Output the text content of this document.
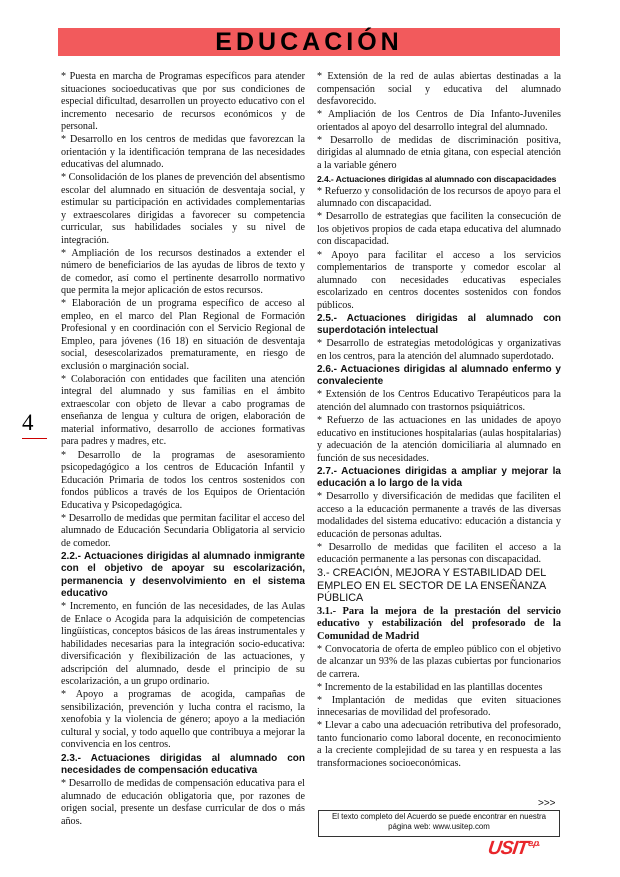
EDUCACIÓN
4

* Puesta en marcha de Programas específicos para atender situaciones socioeducativas que por sus condiciones de especial dificultad, desarrollen un proyecto educativo con el incremento necesario de recursos económicos y de personal.

* Desarrollo en los centros de medidas que favorezcan la orientación y la identificación temprana de las necesidades educativas del alumnado.

* Consolidación de los planes de prevención del absentismo escolar del alumnado en situación de desventaja social, y estimular su participación en actividades complementarias y extraescolares dirigidas a favorecer su competencia curricular, sus habilidades sociales y su nivel de integración.

* Ampliación de los recursos destinados a extender el número de beneficiarios de las ayudas de libros de texto y de comedor, así como el pertinente desarrollo normativo que permita la mejor aplicación de estos recursos.

* Elaboración de un programa específico de acceso al empleo, en el marco del Plan Regional de Formación Profesional y en coordinación con el Servicio Regional de Empleo, para jóvenes (16 18) en situación de desventaja social, desescolarizados prematuramente, en riesgo de exclusión o marginación social.

* Colaboración con entidades que faciliten una atención integral del alumnado y sus familias en el ámbito extraescolar con objeto de llevar a cabo programas de enseñanza de lengua y cultura de origen, elaboración de material informativo, desarrollo de acciones formativas para padres y madres, etc.

* Desarrollo de la programas de asesoramiento psicopedagógico a los centros de Educación Infantil y Educación Primaria de todos los centros sostenidos con fondos públicos a través de los Equipos de Orientación Educativa y Psicopedagógica.

* Desarrollo de medidas que permitan facilitar el acceso del alumnado de Educación Secundaria Obligatoria al servicio de comedor.

2.2.- Actuaciones dirigidas al alumnado inmigrante con el objetivo de apoyar su escolarización, permanencia y desenvolvimiento en el sistema educativo

* Incremento, en función de las necesidades, de las Aulas de Enlace o Acogida para la adquisición de competencias lingüísticas, conceptos básicos de las áreas instrumentales y habilidades necesarias para la integración socio-educativa: diversificación y flexibilización de las actuaciones, y adscripción del alumnado, desde el principio de su escolarización, a un grupo ordinario.

* Apoyo a programas de acogida, campañas de sensibilización, prevención y lucha contra el racismo, la xenofobia y la violencia de género; apoyo a la mediación cultural y social, y todo aquello que contribuya a mejorar la convivencia en los centros.

2.3.- Actuaciones dirigidas al alumnado con necesidades de compensación educativa

* Desarrollo de medidas de compensación educativa para el alumnado de educación obligatoria que, por razones de origen social, presente un desfase curricular de dos o más años.

* Extensión de la red de aulas abiertas destinadas a la compensación social y educativa del alumnado desfavorecido.

* Ampliación de los Centros de Día Infanto-Juveniles orientados al apoyo del desarrollo integral del alumnado.

* Desarrollo de medidas de discriminación positiva, dirigidas al alumnado de etnia gitana, con especial atención a la variable género

2.4.- Actuaciones dirigidas al alumnado con discapacidades

* Refuerzo y consolidación de los recursos de apoyo para el alumnado con discapacidad.

* Desarrollo de estrategias que faciliten la consecución de los objetivos propios de cada etapa educativa del alumnado con discapacidad.

* Apoyo para facilitar el acceso a los servicios complementarios de transporte y comedor escolar al alumnado con necesidades educativas especiales escolarizado en centros docentes sostenidos con fondos públicos.

2.5.- Actuaciones dirigidas al alumnado con superdotación intelectual

* Desarrollo de estrategias metodológicas y organizativas en los centros, para la atención del alumnado superdotado.

2.6.- Actuaciones dirigidas al alumnado enfermo y convaleciente

* Extensión de los Centros Educativo Terapéuticos para la atención del alumnado con trastornos psiquiátricos.

* Refuerzo de las actuaciones en las unidades de apoyo educativo en instituciones hospitalarias (aulas hospitalarias) y adecuación de la atención domiciliaria al alumnado en función de sus necesidades.

2.7.- Actuaciones dirigidas a ampliar y mejorar la educación a lo largo de la vida

* Desarrollo y diversificación de medidas que faciliten el acceso a la educación permanente a través de las diversas modalidades del sistema educativo: educación a distancia y educación de personas adultas.

* Desarrollo de medidas que faciliten el acceso a la educación permanente a las personas con discapacidad.

3.- CREACIÓN, MEJORA Y ESTABILIDAD DEL EMPLEO EN EL SECTOR DE LA ENSEÑANZA PÚBLICA

3.1.- Para la mejora de la prestación del servicio educativo y estabilización del profesorado de la Comunidad de Madrid

* Convocatoria de oferta de empleo público con el objetivo de alcanzar un 93% de las plazas cubiertas por funcionarios de carrera.

* Incremento de la estabilidad en las plantillas docentes

* Implantación de medidas que eviten situaciones innecesarias de movilidad del profesorado.

* Llevar a cabo una adecuación retributiva del profesorado, tanto funcionario como laboral docente, en reconocimiento a la creciente complejidad de su tarea y en respuesta a las transformaciones socioeconómicas.

>>>
El texto completo del Acuerdo se puede encontrar en nuestra
página web: www.usitep.com
$USIT^{e.p.}$
